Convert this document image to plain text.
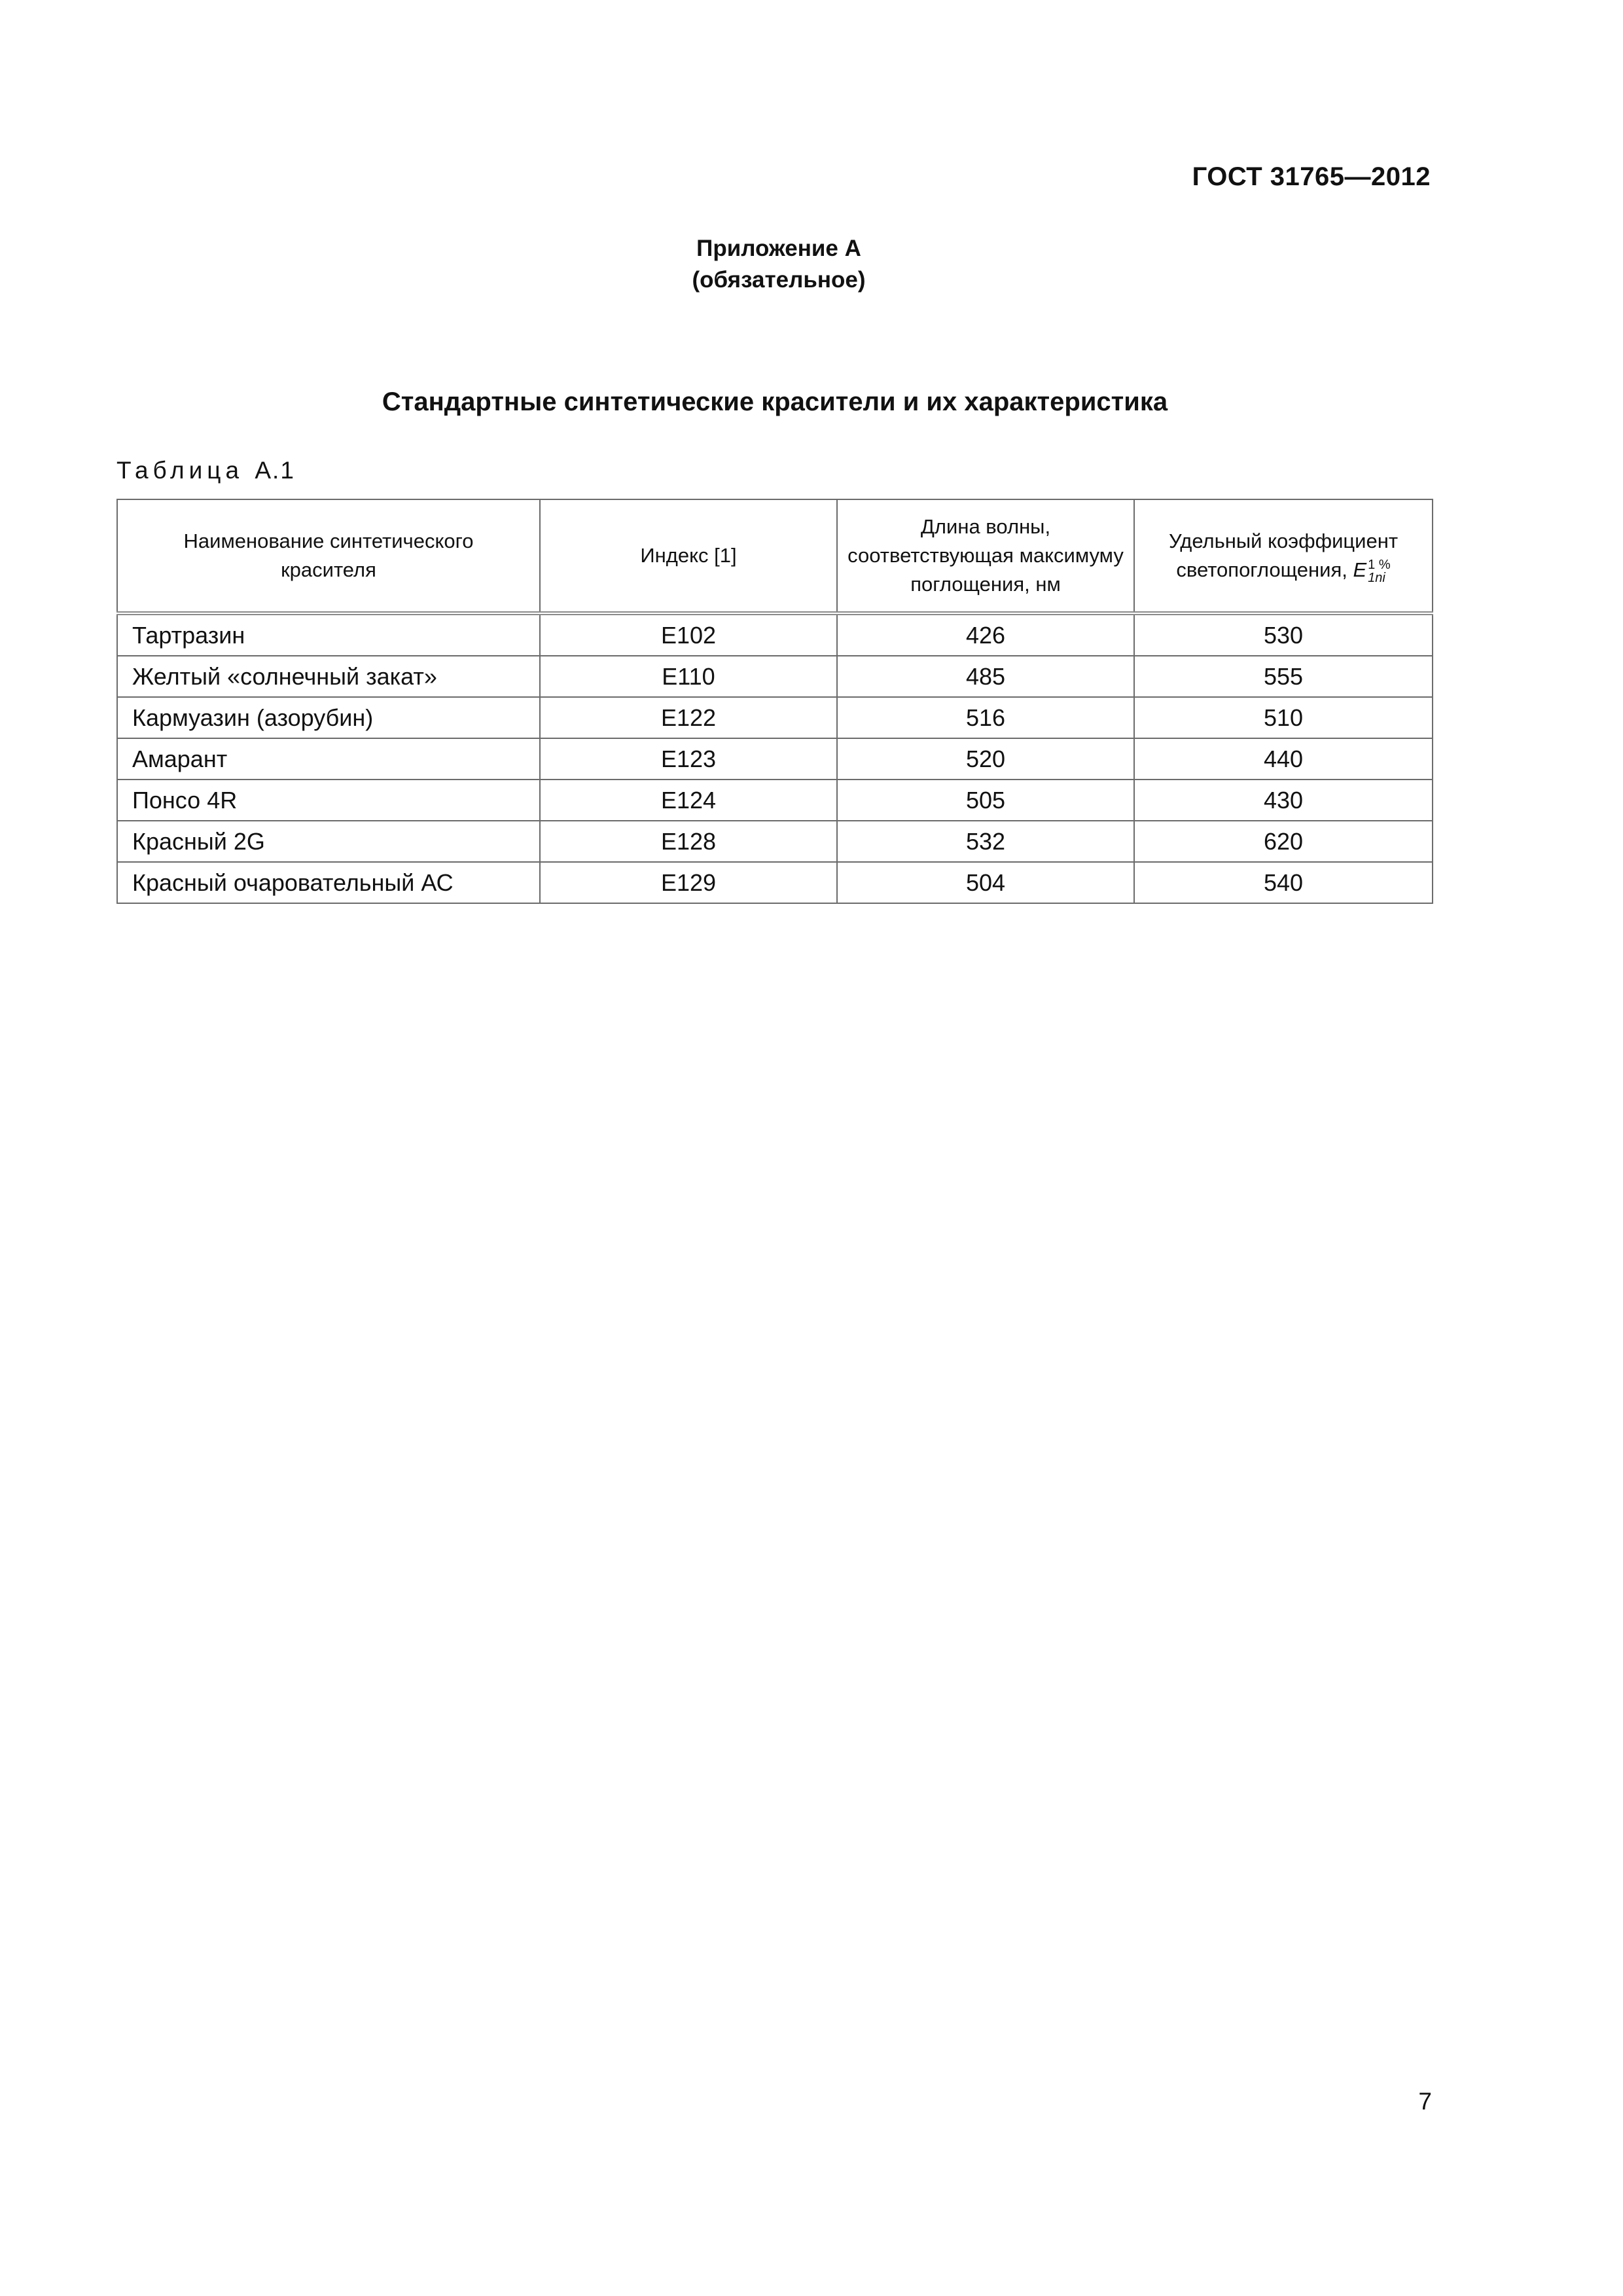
ГОСТ 31765—2012
Приложение А
(обязательное)
Стандартные синтетические красители и их характеристика
Таблица А.1
Наименование синтетического красителя	Индекс [1]	Длина волны, соответствующая максимуму поглощения, нм	Удельный коэффициент светопоглощения, E 1 %
1ni

Тартразин	E102	426	530
Желтый «солнечный закат»	E110	485	555
Кармуазин (азорубин)	E122	516	510
Амарант	E123	520	440
Понсо 4R	E124	505	430
Красный 2G	E128	532	620
Красный очаровательный АС	E129	504	540
7
